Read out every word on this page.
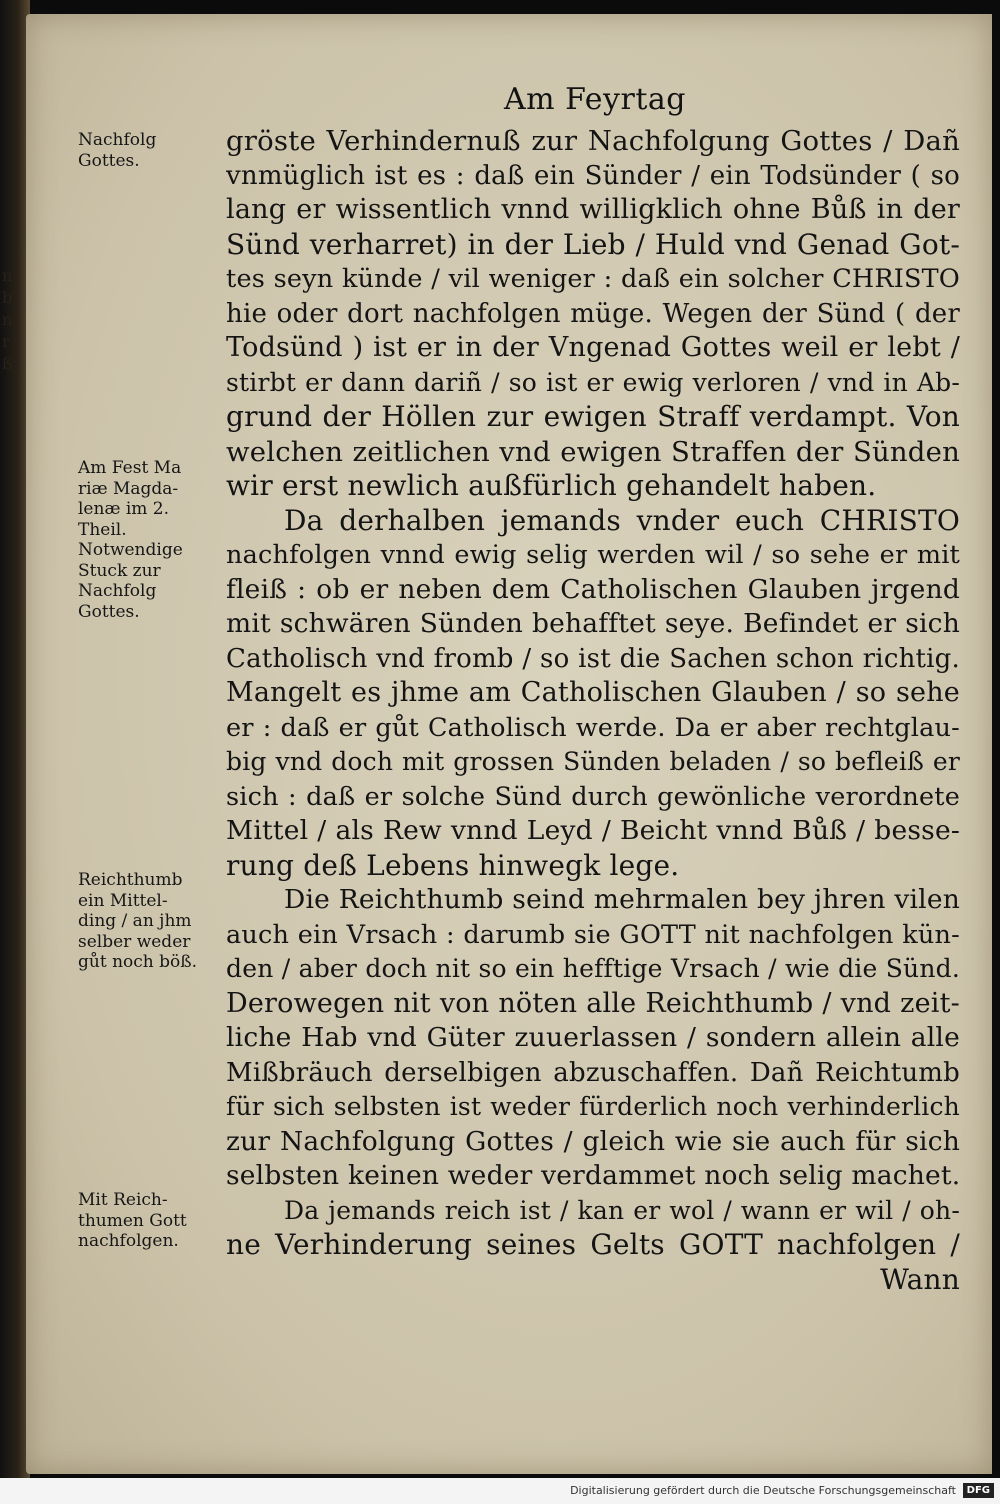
n
b
n
r
ß
Am Feyrtag
Nachfolg
Gottes.
Am Fest Ma
riæ Magda-
lenæ im 2.
Theil.
Notwendige
Stuck zur
Nachfolg
Gottes.
Reichthumb
ein Mittel-
ding / an jhm
selber weder
gůt noch böß.
Mit Reich-
thumen Gott
nachfolgen.
gröste Verhindernuß zur Nachfolgung Gottes / Dañ
vnmüglich ist es : daß ein Sünder / ein Todsünder ( so
lang er wissentlich vnnd willigklich ohne Bůß in der
Sünd verharret) in der Lieb / Huld vnd Genad Got-
tes seyn künde / vil weniger : daß ein solcher CHRISTO
hie oder dort nachfolgen müge. Wegen der Sünd ( der
Todsünd ) ist er in der Vngenad Gottes weil er lebt /
stirbt er dann dariñ / so ist er ewig verloren / vnd in Ab-
grund der Höllen zur ewigen Straff verdampt. Von
welchen zeitlichen vnd ewigen Straffen der Sünden
wir erst newlich außfürlich gehandelt haben.
Da derhalben jemands vnder euch CHRISTO
nachfolgen vnnd ewig selig werden wil / so sehe er mit
fleiß : ob er neben dem Catholischen Glauben jrgend
mit schwären Sünden behafftet seye. Befindet er sich
Catholisch vnd fromb / so ist die Sachen schon richtig.
Mangelt es jhme am Catholischen Glauben / so sehe
er : daß er gůt Catholisch werde. Da er aber rechtglau-
big vnd doch mit grossen Sünden beladen / so befleiß er
sich : daß er solche Sünd durch gewönliche verordnete
Mittel / als Rew vnnd Leyd / Beicht vnnd Bůß / besse-
rung deß Lebens hinwegk lege.
Die Reichthumb seind mehrmalen bey jhren vilen
auch ein Vrsach : darumb sie GOTT nit nachfolgen kün-
den / aber doch nit so ein hefftige Vrsach / wie die Sünd.
Derowegen nit von nöten alle Reichthumb / vnd zeit-
liche Hab vnd Güter zuuerlassen / sondern allein alle
Mißbräuch derselbigen abzuschaffen. Dañ Reichtumb
für sich selbsten ist weder fürderlich noch verhinderlich
zur Nachfolgung Gottes / gleich wie sie auch für sich
selbsten keinen weder verdammet noch selig machet.
Da jemands reich ist / kan er wol / wann er wil / oh-
ne Verhinderung seines Gelts GOTT nachfolgen /
Wann
Digitalisierung gefördert durch die Deutsche Forschungsgemeinschaft	DFG
